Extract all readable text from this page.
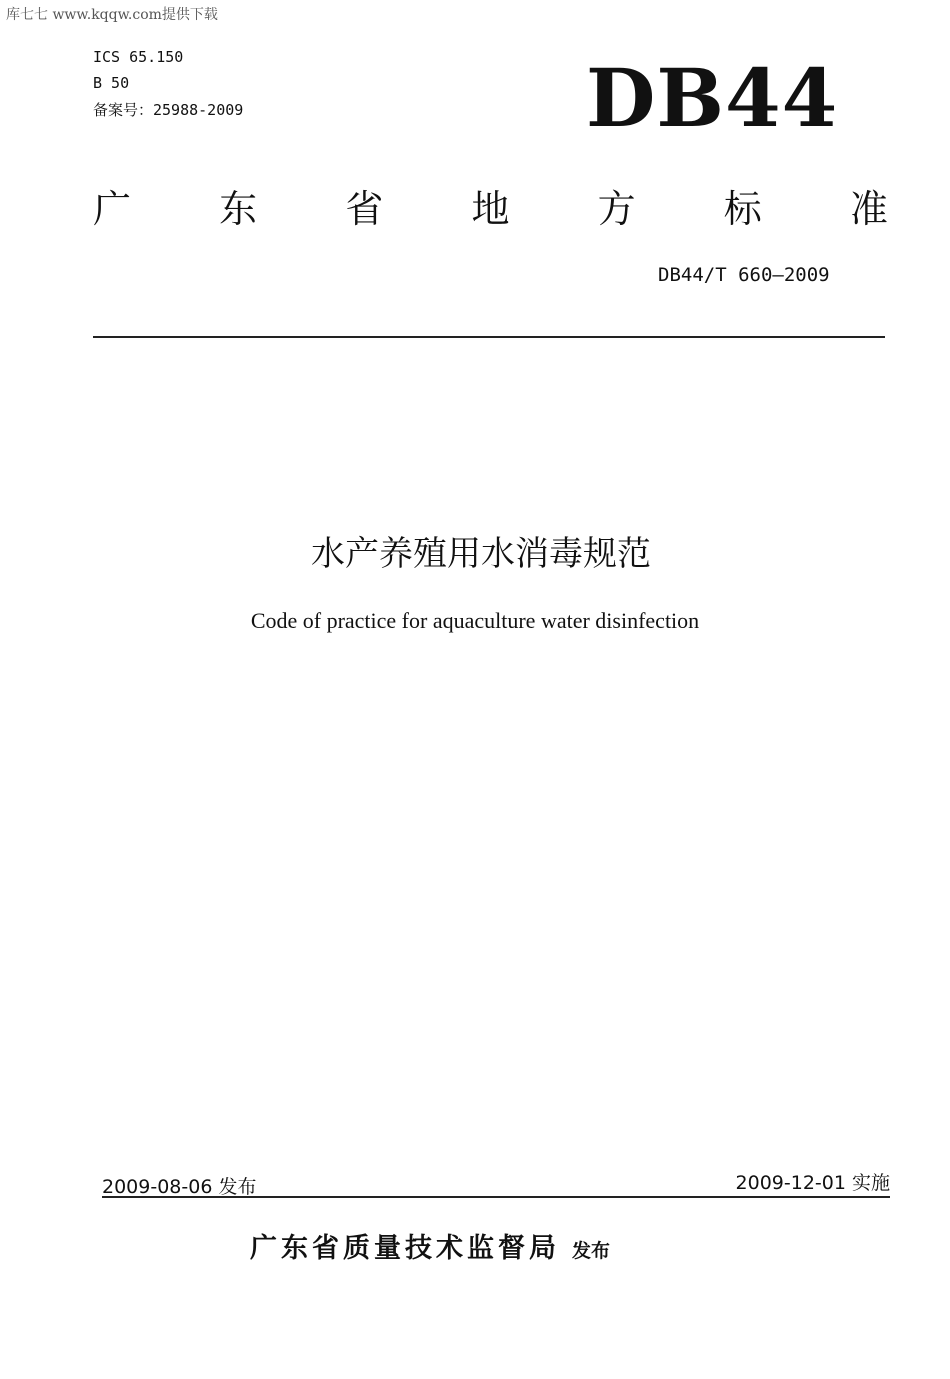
库七七 www.kqqw.com提供下载
ICS 65.150
B 50
备案号：25988-2009	DB44
广 东 省 地 方 标 准
DB44/T 660—2009
水产养殖用水消毒规范
Code of practice for aquaculture water disinfection
2009-08-06 发布	2009-12-01 实施
广东省质量技术监督局 发布
